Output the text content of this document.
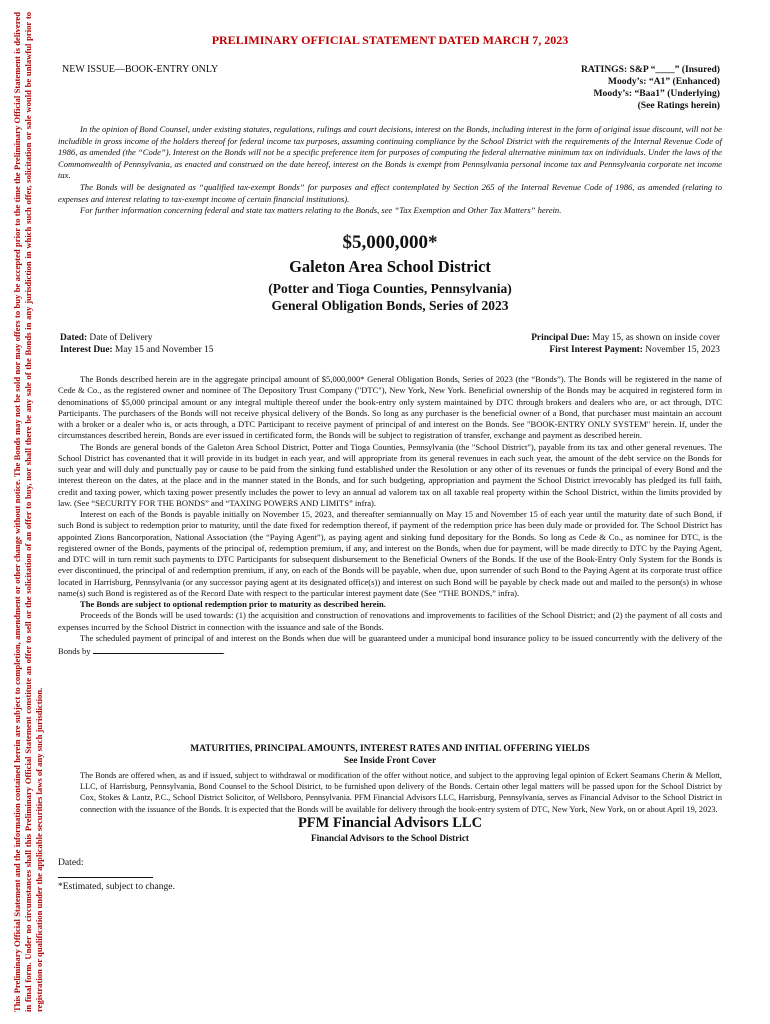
This Preliminary Official Statement and the information contained herein are subject to completion, amendment or other change without notice. The Bonds may not be sold nor may offers to buy be accepted prior to the time the Preliminary Official Statement is delivered in final form. Under no circumstances shall this Preliminary Official Statement constitute an offer to sell or the solicitation of an offer to buy, nor shall there be any sale of the Bonds in any jurisdiction in which such offer, solicitation or sale would be unlawful prior to registration or qualification under the applicable securities laws of any such jurisdiction.
PRELIMINARY OFFICIAL STATEMENT DATED MARCH 7, 2023
NEW ISSUE—BOOK-ENTRY ONLY	RATINGS: S&P “____” (Insured)
Moody’s: “A1” (Enhanced)
Moody’s: “Baa1” (Underlying)
(See Ratings herein)

In the opinion of Bond Counsel, under existing statutes, regulations, rulings and court decisions, interest on the Bonds, including interest in the form of original issue discount, will not be includible in gross income of the holders thereof for federal income tax purposes, assuming continuing compliance by the School District with the requirements of the Internal Revenue Code of 1986, as amended (the “Code”). Interest on the Bonds will not be a specific preference item for purposes of computing the federal alternative minimum tax on individuals. Under the laws of the Commonwealth of Pennsylvania, as enacted and construed on the date hereof, interest on the Bonds is exempt from Pennsylvania personal income tax and Pennsylvania corporate net income tax.

The Bonds will be designated as “qualified tax-exempt Bonds” for purposes and effect contemplated by Section 265 of the Internal Revenue Code of 1986, as amended (relating to expenses and interest relating to tax-exempt income of certain financial institutions).

For further information concerning federal and state tax matters relating to the Bonds, see “Tax Exemption and Other Tax Matters” herein.

$5,000,000*
Galeton Area School District
(Potter and Tioga Counties, Pennsylvania)
General Obligation Bonds, Series of 2023
Dated: Date of Delivery
Interest Due: May 15 and November 15
Principal Due: May 15, as shown on inside cover
First Interest Payment: November 15, 2023

The Bonds described herein are in the aggregate principal amount of $5,000,000* General Obligation Bonds, Series of 2023 (the “Bonds”). The Bonds will be registered in the name of Cede & Co., as the registered owner and nominee of The Depository Trust Company ("DTC"), New York, New York. Beneficial ownership of the Bonds may be acquired in registered form in denominations of $5,000 principal amount or any integral multiple thereof under the book-entry only system maintained by DTC through brokers and dealers who are, or act through, DTC Participants. The purchasers of the Bonds will not receive physical delivery of the Bonds. So long as any purchaser is the beneficial owner of a Bond, that purchaser must maintain an account with a broker or a dealer who is, or acts through, a DTC Participant to receive payment of principal of and interest on the Bonds. See "BOOK-ENTRY ONLY SYSTEM" herein. If, under the circumstances described herein, Bonds are ever issued in certificated form, the Bonds will be subject to registration of transfer, exchange and payment as described herein.

The Bonds are general bonds of the Galeton Area School District, Potter and Tioga Counties, Pennsylvania (the "School District"), payable from its tax and other general revenues. The School District has covenanted that it will provide in its budget in each year, and will appropriate from its general revenues in each such year, the amount of the debt service on the Bonds for such year and will duly and punctually pay or cause to be paid from the sinking fund established under the Resolution or any other of its revenues or funds the principal of every Bond and the interest thereon on the dates, at the place and in the manner stated in the Bonds, and for such budgeting, appropriation and payment the School District irrevocably has pledged its full faith, credit and taxing power, which taxing power presently includes the power to levy an annual ad valorem tax on all taxable real property within the School District, within the limits provided by law. (See “SECURITY FOR THE BONDS” and “TAXING POWERS AND LIMITS” infra).

Interest on each of the Bonds is payable initially on November 15, 2023, and thereafter semiannually on May 15 and November 15 of each year until the maturity date of such Bond, if such Bond is subject to redemption prior to maturity, until the date fixed for redemption thereof, if payment of the redemption price has been duly made or provided for. The School District has appointed Zions Bancorporation, National Association (the “Paying Agent”), as paying agent and sinking fund depositary for the Bonds. So long as Cede & Co., as nominee for DTC, is the registered owner of the Bonds, payments of the principal of, redemption premium, if any, and interest on the Bonds, when due for payment, will be made directly to DTC by the Paying Agent, and DTC will in turn remit such payments to DTC Participants for subsequent disbursement to the Beneficial Owners of the Bonds. If the use of the Book-Entry Only System for the Bonds is ever discontinued, the principal of and redemption premium, if any, on each of the Bonds will be payable, when due, upon surrender of such Bond to the Paying Agent at its corporate trust office located in Harrisburg, Pennsylvania (or any successor paying agent at its designated office(s)) and interest on such Bond will be payable by check made out and mailed to the person(s) in whose name(s) such Bond is registered as of the Record Date with respect to the particular interest payment date (See “THE BONDS,” infra).

The Bonds are subject to optional redemption prior to maturity as described herein.

Proceeds of the Bonds will be used towards: (1) the acquisition and construction of renovations and improvements to facilities of the School District; and (2) the payment of all costs and expenses incurred by the School District in connection with the issuance and sale of the Bonds.

The scheduled payment of principal of and interest on the Bonds when due will be guaranteed under a municipal bond insurance policy to be issued concurrently with the delivery of the Bonds by	.

MATURITIES, PRINCIPAL AMOUNTS, INTEREST RATES AND INITIAL OFFERING YIELDS
See Inside Front Cover
The Bonds are offered when, as and if issued, subject to withdrawal or modification of the offer without notice, and subject to the approving legal opinion of Eckert Seamans Cherin & Mellott, LLC, of Harrisburg, Pennsylvania, Bond Counsel to the School District, to be furnished upon delivery of the Bonds. Certain other legal matters will be passed upon for the School District by Cox, Stokes & Lantz, P.C., School District Solicitor, of Wellsboro, Pennsylvania. PFM Financial Advisors LLC, Harrisburg, Pennsylvania, serves as Financial Advisor to the School District in connection with the issuance of the Bonds. It is expected that the Bonds will be available for delivery through the book-entry system of DTC, New York, New York, on or about April 19, 2023.
PFM Financial Advisors LLC
Financial Advisors to the School District
Dated:
*Estimated, subject to change.
